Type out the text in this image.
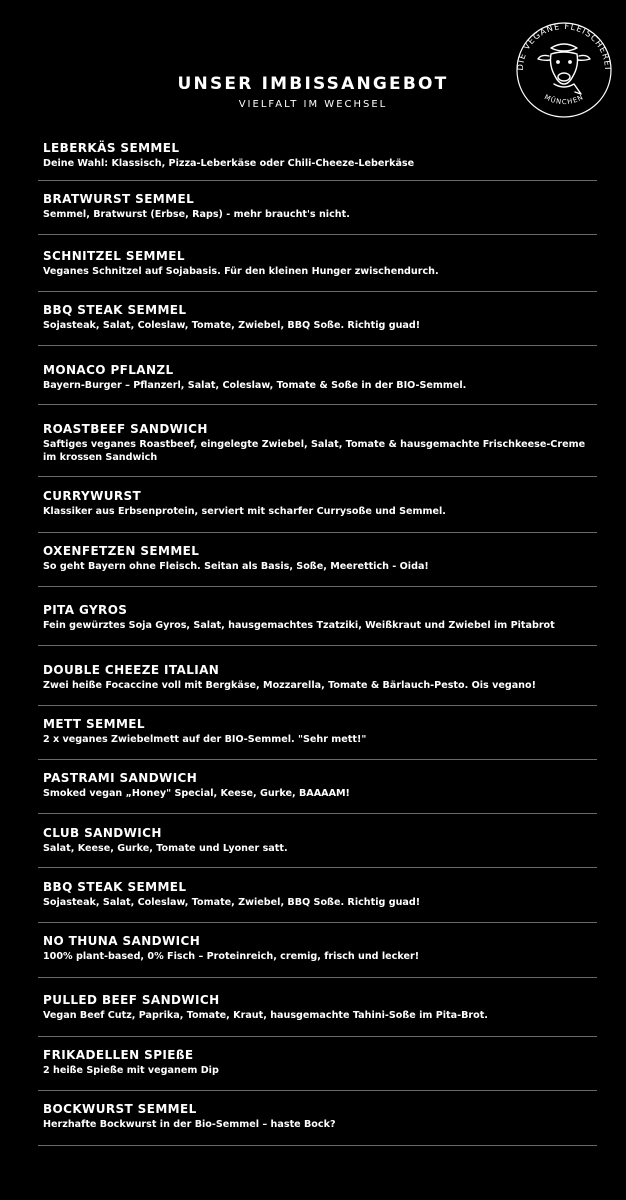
UNSER IMBISSANGEBOT
VIELFALT IM WECHSEL
DIE VEGANE FLEISCHEREI
MÜNCHEN
LEBERKÄS SEMMEL
Deine Wahl: Klassisch, Pizza-Leberkäse oder Chili-Cheeze-Leberkäse
BRATWURST SEMMEL
Semmel, Bratwurst (Erbse, Raps) - mehr braucht's nicht.
SCHNITZEL SEMMEL
Veganes Schnitzel auf Sojabasis. Für den kleinen Hunger zwischendurch.
BBQ STEAK SEMMEL
Sojasteak, Salat, Coleslaw, Tomate, Zwiebel, BBQ Soße. Richtig guad!
MONACO PFLANZL
Bayern-Burger – Pflanzerl, Salat, Coleslaw, Tomate & Soße in der BIO-Semmel.
ROASTBEEF SANDWICH
Saftiges veganes Roastbeef, eingelegte Zwiebel, Salat, Tomate & hausgemachte Frischkeese-Creme im krossen Sandwich
CURRYWURST
Klassiker aus Erbsenprotein, serviert mit scharfer Currysoße und Semmel.
OXENFETZEN SEMMEL
So geht Bayern ohne Fleisch. Seitan als Basis, Soße, Meerettich - Oida!
PITA GYROS
Fein gewürztes Soja Gyros, Salat, hausgemachtes Tzatziki, Weißkraut und Zwiebel im Pitabrot
DOUBLE CHEEZE ITALIAN
Zwei heiße Focaccine voll mit Bergkäse, Mozzarella, Tomate & Bärlauch-Pesto. Ois vegano!
METT SEMMEL
2 x veganes Zwiebelmett auf der BIO-Semmel. "Sehr mett!"
PASTRAMI SANDWICH
Smoked vegan „Honey" Special, Keese, Gurke, BAAAAM!
CLUB SANDWICH
Salat, Keese, Gurke, Tomate und Lyoner satt.
BBQ STEAK SEMMEL
Sojasteak, Salat, Coleslaw, Tomate, Zwiebel, BBQ Soße. Richtig guad!
NO THUNA SANDWICH
100% plant-based, 0% Fisch – Proteinreich, cremig, frisch und lecker!
PULLED BEEF SANDWICH
Vegan Beef Cutz, Paprika, Tomate, Kraut, hausgemachte Tahini-Soße im Pita-Brot.
FRIKADELLEN SPIEßE
2 heiße Spieße mit veganem Dip
BOCKWURST SEMMEL
Herzhafte Bockwurst in der Bio-Semmel – haste Bock?
